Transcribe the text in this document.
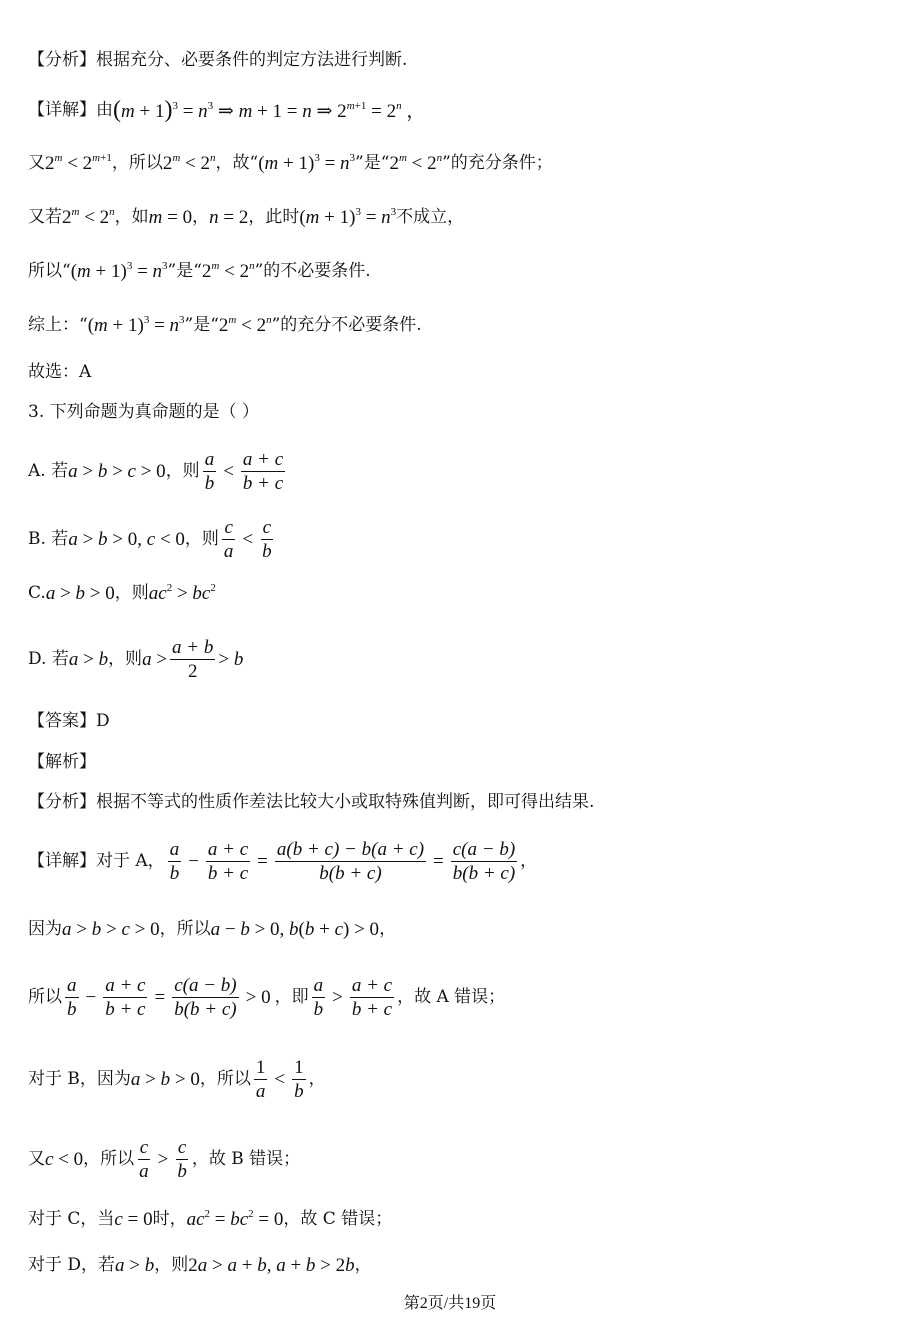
【分析】根据充分、必要条件的判定方法进行判断.
【详解】由 $(m + 1)^3 = n^3$ ⇒ m + 1 = n ⇒ $2^{m+1} = 2^n$ ，
又 $2^m < 2^{m+1}$ ，所以 $2^m < 2^n$ ，故“ $(m + 1)^3 = n^3$ ”是“ $2^m < 2^n$ ”的充分条件；
又若 $2^m < 2^n$ ，如 m = 0 ， n = 2 ，此时 $(m + 1)^3 = n^3$ 不成立，
所以“ $(m + 1)^3 = n^3$ ”是“ $2^m < 2^n$ ”的不必要条件.
综上：“ $(m + 1)^3 = n^3$ ”是“ $2^m < 2^n$ ”的充分不必要条件.
故选：A
3. 下列命题为真命题的是（ ）
A. 若 a > b > c > 0 ，则 $\frac{a}{b} < \frac{a + c}{b + c}$
B. 若 a > b > 0, c < 0 ，则 $\frac{c}{a} < \frac{c}{b}$
C. a > b > 0 ，则 $ac^2 > bc^2$
D. 若 a > b ，则 $a > \frac{a + b}{2} > b$
【答案】D
【解析】
【分析】根据不等式的性质作差法比较大小或取特殊值判断，即可得出结果.
【详解】对于 A， $\frac{a}{b} - \frac{a + c}{b + c} = \frac{a(b + c) - b(a + c)}{b(b + c)} = \frac{c(a - b)}{b(b + c)}$ ，
因为 a > b > c > 0 ，所以 a − b > 0, b(b + c) > 0 ，
所以 $\frac{a}{b} - \frac{a + c}{b + c} = \frac{c(a - b)}{b(b + c)} > 0$ ，即 $\frac{a}{b} > \frac{a + c}{b + c}$ ，故 A 错误；
对于 B，因为 a > b > 0 ，所以 $\frac{1}{a} < \frac{1}{b}$ ，
又 c < 0 ，所以 $\frac{c}{a} > \frac{c}{b}$ ，故 B 错误；
对于 C，当 c = 0 时， $ac^2 = bc^2 = 0$ ，故 C 错误；
对于 D，若 a > b ，则 2a > a + b, a + b > 2b ，
第2页/共19页
